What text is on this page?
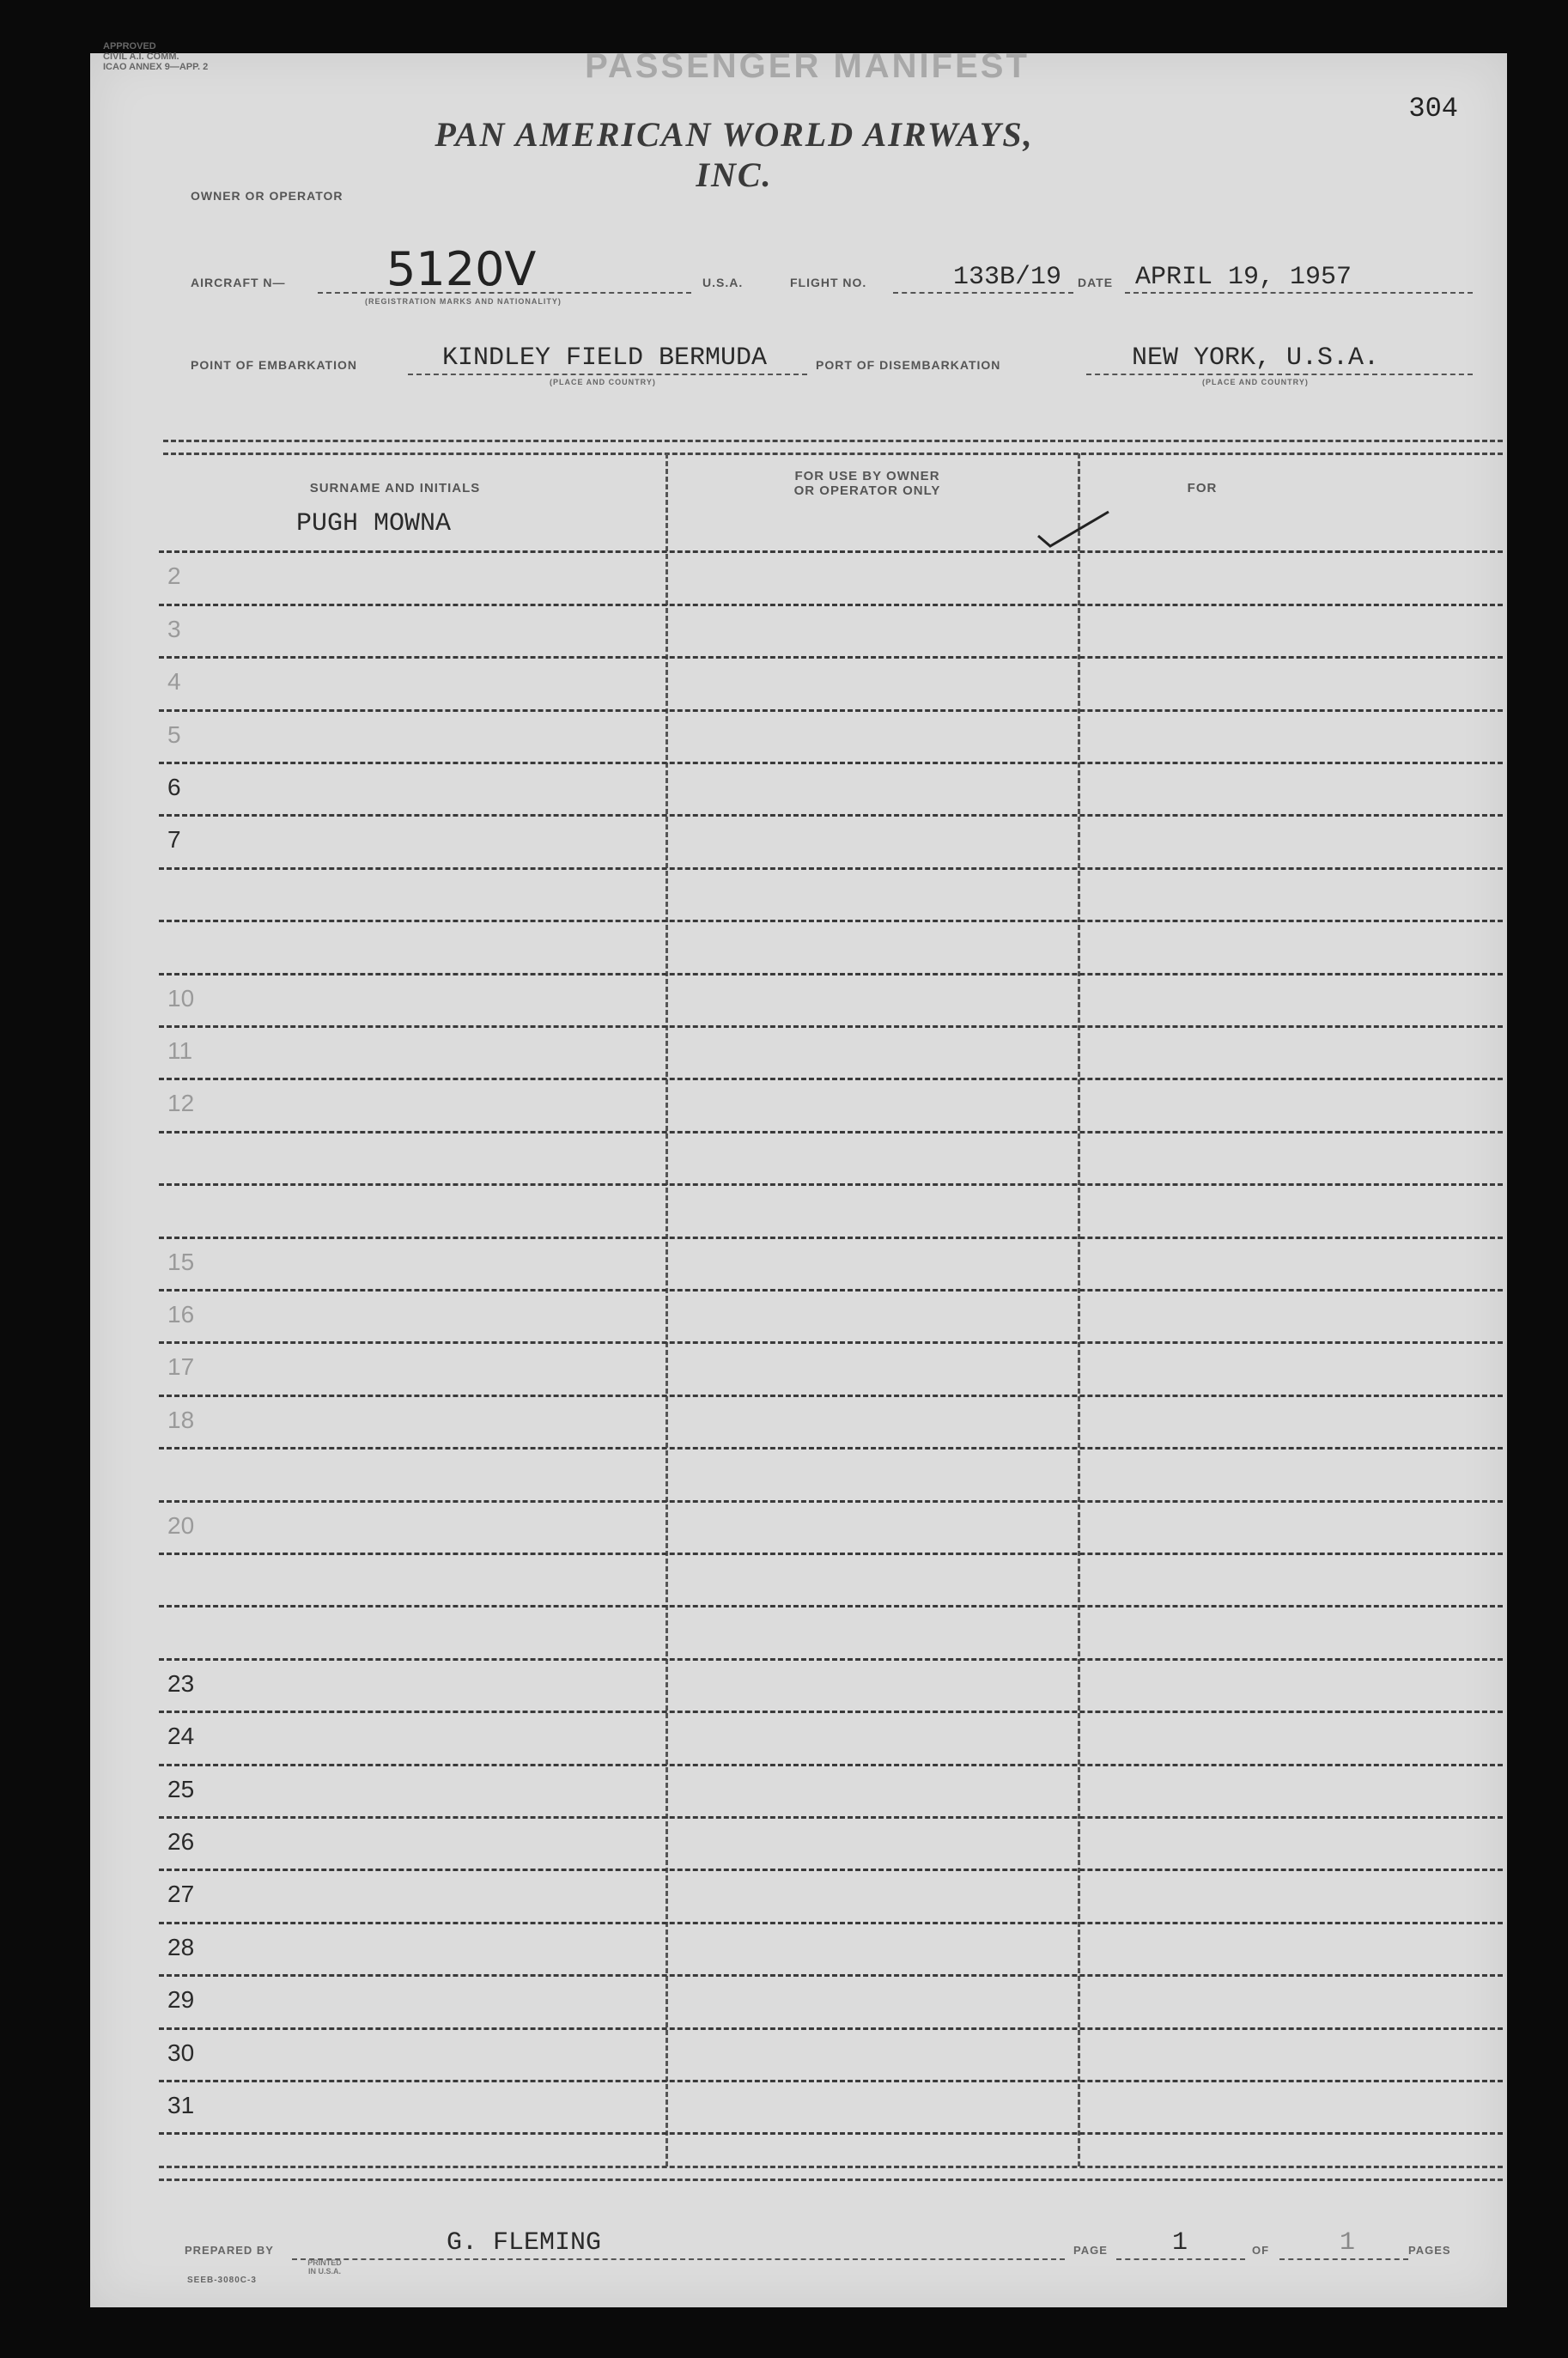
APPROVED
CIVIL A.I. COMM.
ICAO ANNEX 9—APP. 2	PASSENGER MANIFEST
304
OWNER OR OPERATOR
PAN AMERICAN WORLD AIRWAYS, INC.
AIRCRAFT N— 5120V
(REGISTRATION MARKS AND NATIONALITY)
U.S.A.	FLIGHT NO.	133B/19 DATE APRIL 19, 1957
POINT OF EMBARKATION	KINDLEY FIELD BERMUDA
(PLACE AND COUNTRY)
PORT OF DISEMBARKATION	NEW YORK, U.S.A.
(PLACE AND COUNTRY)
SURNAME AND INITIALS
FOR USE BY OWNER
OR OPERATOR ONLY	FOR
PUGH MOWNA
2
3
4
5
6
7
10
11
12
15
16
17
18
20
23
24
25
26
27
28
29
30
31
PREPARED BY	G. FLEMING	PAGE	1	OF	1	PAGES
SEEB-3080C-3
PRINTED IN U.S.A.
